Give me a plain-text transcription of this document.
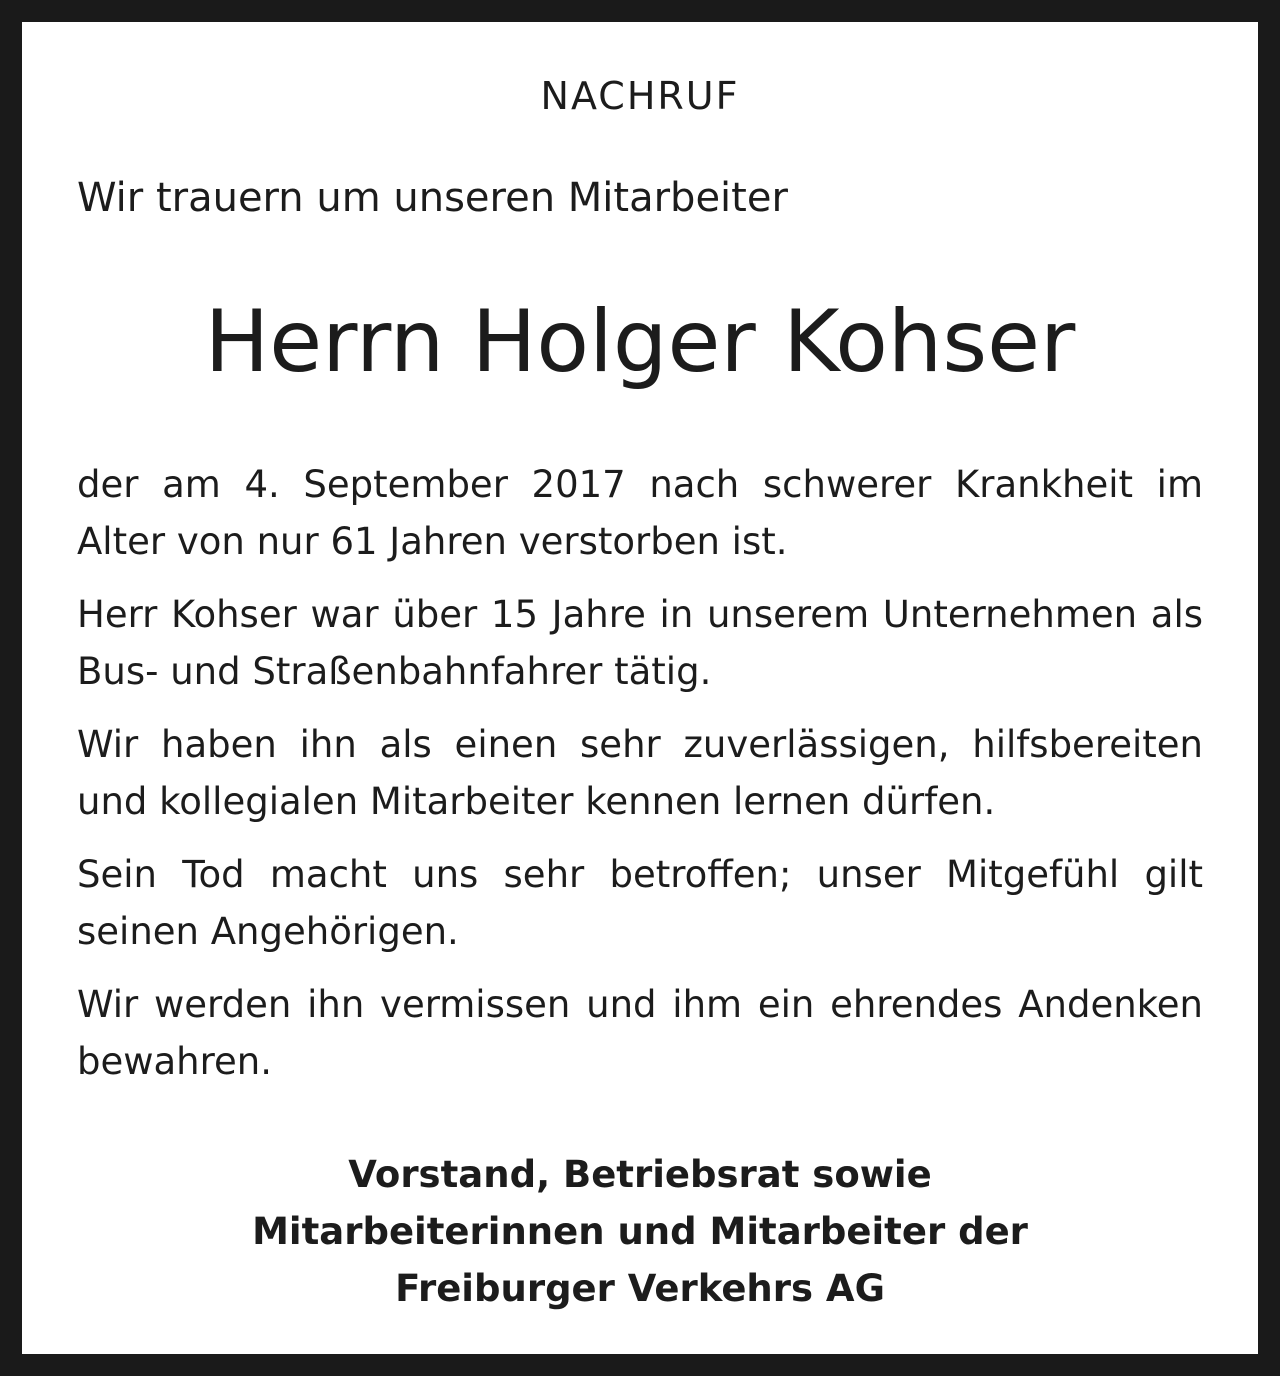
NACHRUF
Wir trauern um unseren Mitarbeiter
Herrn Holger Kohser

der am 4. September 2017 nach schwerer Krankheit im Alter von nur 61 Jahren verstorben ist.

Herr Kohser war über 15 Jahre in unserem Unternehmen als Bus- und Straßenbahnfahrer tätig.

Wir haben ihn als einen sehr zuverlässigen, hilfsbereiten und kollegialen Mitarbeiter kennen lernen dürfen.

Sein Tod macht uns sehr betroffen; unser Mitgefühl gilt seinen Angehörigen.

Wir werden ihn vermissen und ihm ein ehrendes Andenken bewahren.

Vorstand, Betriebsrat sowie
Mitarbeiterinnen und Mitarbeiter der
Freiburger Verkehrs AG
